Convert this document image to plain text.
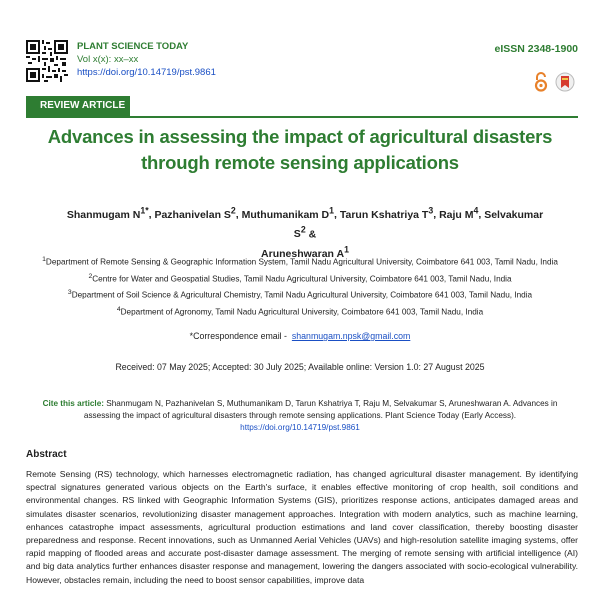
PLANT SCIENCE TODAY
Vol x(x): xx–xx
https://doi.org/10.14719/pst.9861
eISSN 2348-1900
REVIEW ARTICLE
Advances in assessing the impact of agricultural disasters
through remote sensing applications
Shanmugam $N^{1*}$, Pazhanivelan $S^2$, Muthumanikam $D^1$, Tarun Kshatriya $T^3$, Raju $M^4$, Selvakumar $S^2$ &
Aruneshwaran $A^1$
$^1$Department of Remote Sensing & Geographic Information System, Tamil Nadu Agricultural University, Coimbatore 641 003, Tamil Nadu, India
$^2$Centre for Water and Geospatial Studies, Tamil Nadu Agricultural University, Coimbatore 641 003, Tamil Nadu, India
$^3$Department of Soil Science & Agricultural Chemistry, Tamil Nadu Agricultural University, Coimbatore 641 003, Tamil Nadu, India
$^4$Department of Agronomy, Tamil Nadu Agricultural University, Coimbatore 641 003, Tamil Nadu, India
*Correspondence email - shanmugam.npsk@gmail.com
Received: 07 May 2025; Accepted: 30 July 2025; Available online: Version 1.0: 27 August 2025
Cite this article: Shanmugam N, Pazhanivelan S, Muthumanikam D, Tarun Kshatriya T, Raju M, Selvakumar S, Aruneshwaran A. Advances in assessing the impact of agricultural disasters through remote sensing applications. Plant Science Today (Early Access). https://doi.org/10.14719/pst.9861
Abstract
Remote Sensing (RS) technology, which harnesses electromagnetic radiation, has changed agricultural disaster management. By identifying spectral signatures generated various objects on the Earth's surface, it enables effective monitoring of crop health, soil conditions and environmental changes. RS linked with Geographic Information Systems (GIS), prioritizes response actions, anticipates damaged areas and simulates disaster scenarios, revolutionizing disaster management approaches. Integration with modern analytics, such as machine learning, enhances catastrophe impact assessments, agricultural production estimations and land cover classification, thereby boosting disaster preparedness and response. Recent innovations, such as Unmanned Aerial Vehicles (UAVs) and high-resolution satellite imaging systems, offer rapid mapping of flooded areas and accurate post-disaster damage assessment. The merging of remote sensing with artificial intelligence (AI) and big data analytics further enhances disaster response and management, lowering the dangers associated with socio-ecological vulnerability. However, obstacles remain, including the need to boost sensor capabilities, improve data
